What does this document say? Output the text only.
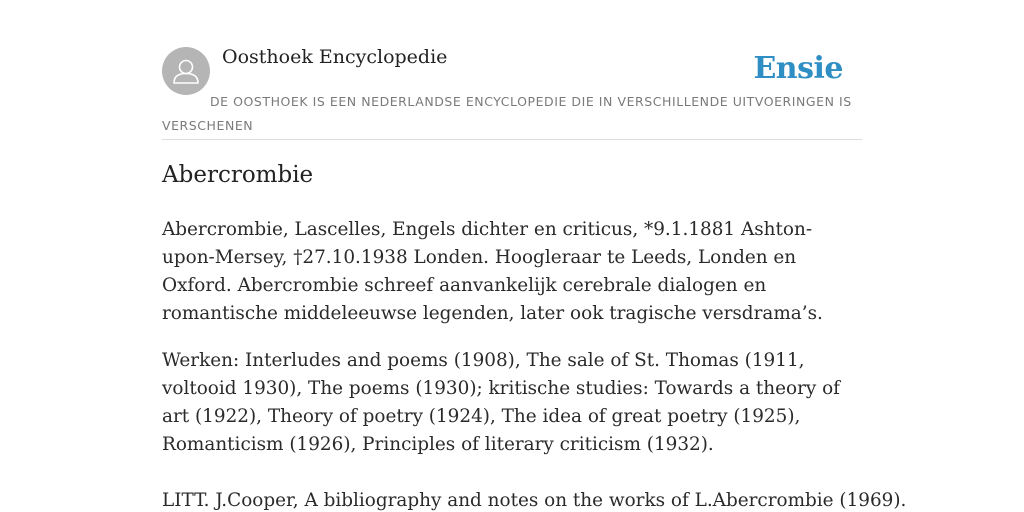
Oosthoek Encyclopedie	Ensie
DE OOSTHOEK IS EEN NEDERLANDSE ENCYCLOPEDIE DIE IN VERSCHILLENDE UITVOERINGEN IS VERSCHENEN
Abercrombie

Abercrombie, Lascelles, Engels dichter en criticus, *9.1.1881 Ashton-upon-Mersey, †27.10.1938 Londen. Hoogleraar te Leeds, Londen en Oxford. Abercrombie schreef aanvankelijk cerebrale dialogen en romantische middeleeuwse legenden, later ook tragische versdrama’s.

Werken: Interludes and poems (1908), The sale of St. Thomas (1911, voltooid 1930), The poems (1930); kritische studies: Towards a theory of art (1922), Theory of poetry (1924), The idea of great poetry (1925), Romanticism (1926), Principles of literary criticism (1932).

LITT. J.Cooper, A bibliography and notes on the works of L.Abercrombie (1969).
